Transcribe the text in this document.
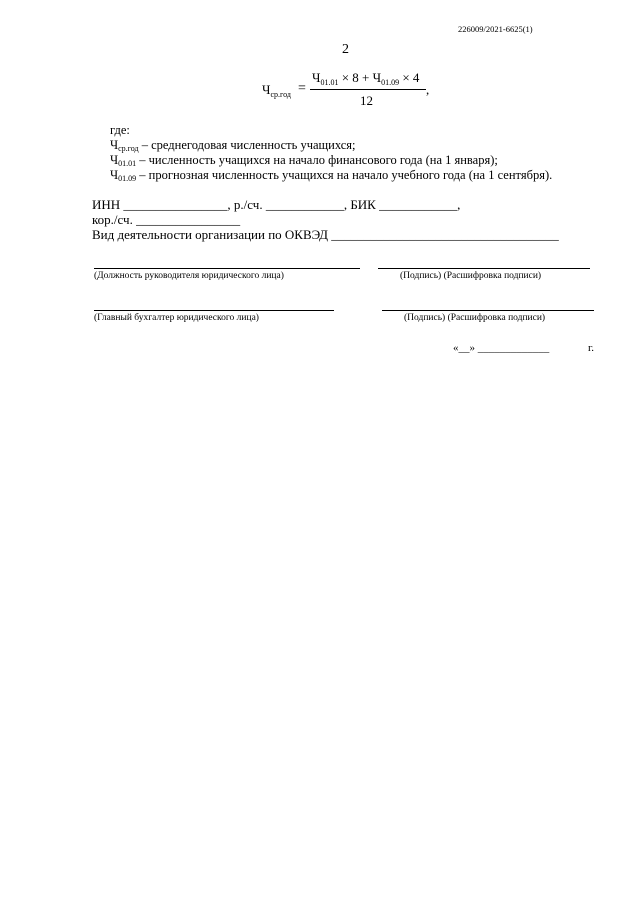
226009/2021-6625(1)
2
$Ч_{ср.год}$ =
$Ч_{01.01} \times 8 + Ч_{01.09} \times 4$
12
,
где:
$Ч_{ср.год}$ – среднегодовая численность учащихся;
$Ч_{01.01}$ – численность учащихся на начало финансового года (на 1 января);
$Ч_{01.09}$ – прогнозная численность учащихся на начало учебного года (на 1 сентября).
ИНН ________________, р./сч. ____________, БИК ____________,
кор./сч. ________________
Вид деятельности организации по ОКВЭД ___________________________________
(Должность руководителя юридического лица)	(Подпись) (Расшифровка подписи)
(Главный бухгалтер юридического лица)	(Подпись) (Расшифровка подписи)
«__» _____________	г.
